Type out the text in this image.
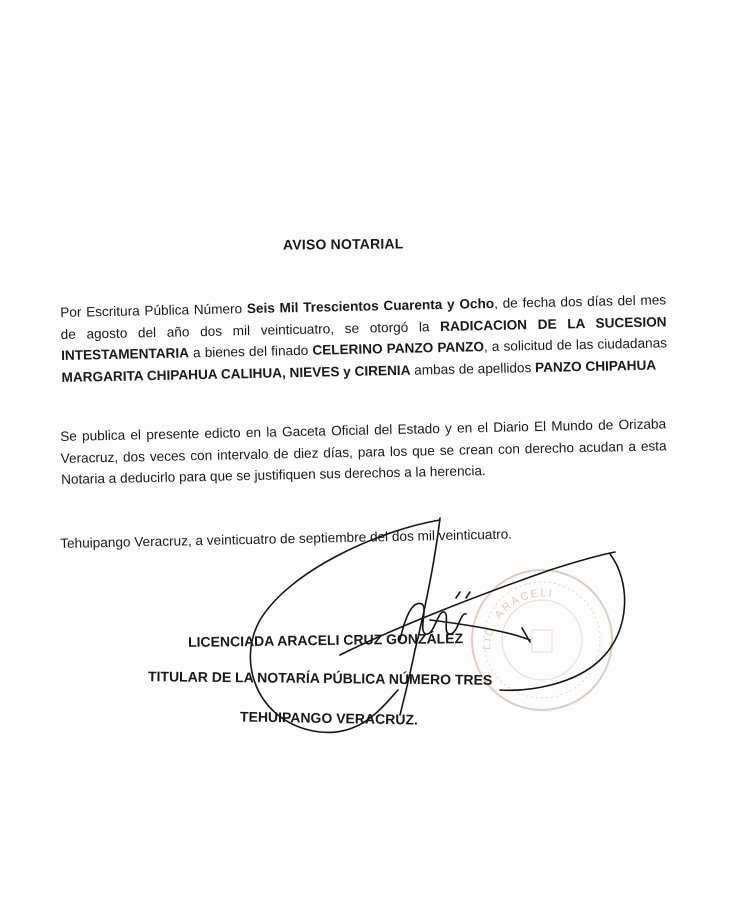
AVISO NOTARIAL
Por Escritura Pública Número Seis Mil Trescientos Cuarenta y Ocho, de fecha dos días del mes de agosto del año dos mil veinticuatro, se otorgó la RADICACION DE LA SUCESION INTESTAMENTARIA a bienes del finado CELERINO PANZO PANZO, a solicitud de las ciudadanas MARGARITA CHIPAHUA CALIHUA, NIEVES y CIRENIA ambas de apellidos PANZO CHIPAHUA
Se publica el presente edicto en la Gaceta Oficial del Estado y en el Diario El Mundo de Orizaba Veracruz, dos veces con intervalo de diez días, para los que se crean con derecho acudan a esta Notaria a deducirlo para que se justifiquen sus derechos a la herencia.
Tehuipango Veracruz, a veinticuatro de septiembre del dos mil veinticuatro.
LIC. ARACELI
LICENCIADA ARACELI CRUZ GONZÁLEZ
TITULAR DE LA NOTARÍA PÚBLICA NÚMERO TRES
TEHUIPANGO VERACRUZ.
